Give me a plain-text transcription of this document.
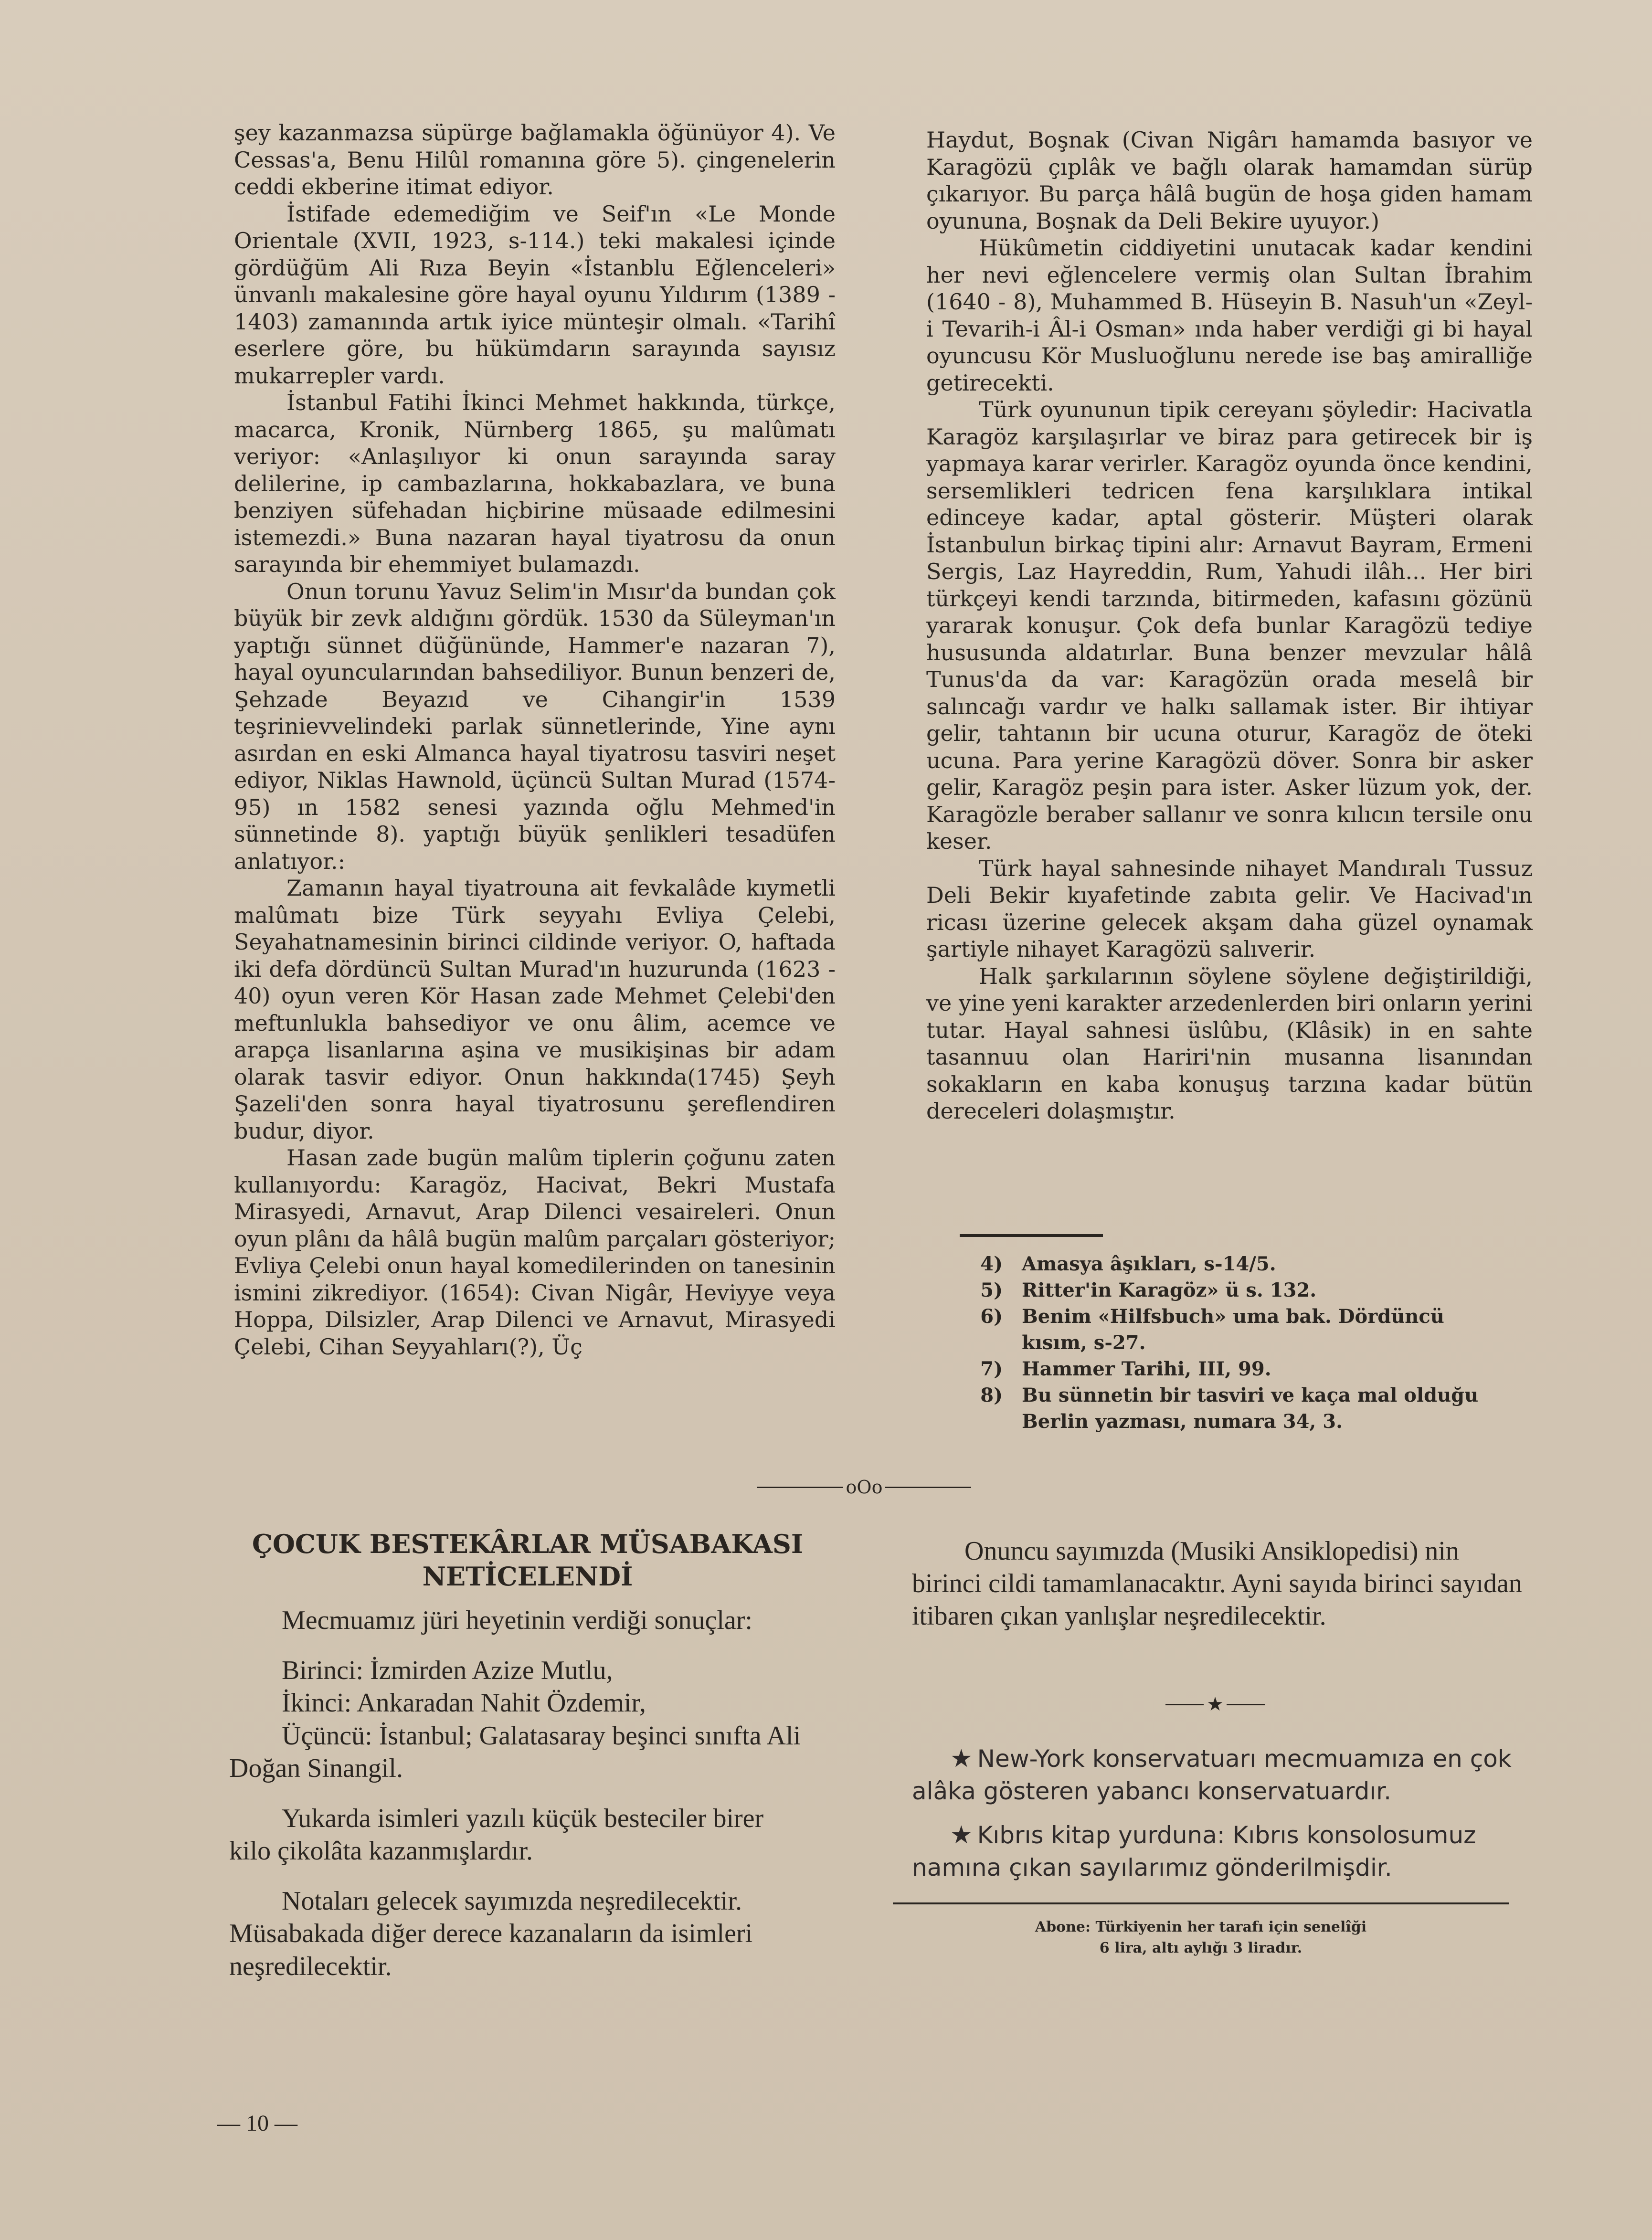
şey kazanmazsa süpürge bağlamakla öğünüyor 4). Ve Cessas'a, Benu Hilûl romanına göre 5). çingenelerin ceddi ekberine itimat ediyor.

İstifade edemediğim ve Seif'ın «Le Monde Orientale (XVII, 1923, s-114.) teki makalesi içinde gördüğüm Ali Rıza Beyin «İstanblu Eğlenceleri» ünvanlı makalesine göre hayal oyunu Yıldırım (1389 - 1403) zamanında artık iyice münteşir olmalı. «Tarihî eserlere göre, bu hükümdarın sarayında sayısız mukarrepler vardı.

İstanbul Fatihi İkinci Mehmet hakkında, türkçe, macarca, Kronik, Nürnberg 1865, şu malûmatı veriyor: «Anlaşılıyor ki onun sarayında saray delilerine, ip cambazlarına, hokkabazlara, ve buna benziyen süfehadan hiçbirine müsaade edilmesini istemezdi.» Buna nazaran hayal tiyatrosu da onun sarayında bir ehemmiyet bulamazdı.

Onun torunu Yavuz Selim'in Mısır'da bundan çok büyük bir zevk aldığını gördük. 1530 da Süleyman'ın yaptığı sünnet düğününde, Hammer'e nazaran 7), hayal oyuncularından bahsediliyor. Bunun benzeri de, Şehzade Beyazıd ve Cihangir'in 1539 teşrinievvelindeki parlak sünnetlerinde, Yine aynı asırdan en eski Almanca hayal tiyatrosu tasviri neşet ediyor, Niklas Hawnold, üçüncü Sultan Murad (1574-95) ın 1582 senesi yazında oğlu Mehmed'in sünnetinde 8). yaptığı büyük şenlikleri tesadüfen anlatıyor.:

Zamanın hayal tiyatrouna ait fevkalâde kıymetli malûmatı bize Türk seyyahı Evliya Çelebi, Seyahatnamesinin birinci cildinde veriyor. O, haftada iki defa dördüncü Sultan Murad'ın huzurunda (1623 - 40) oyun veren Kör Hasan zade Mehmet Çelebi'den meftunlukla bahsediyor ve onu âlim, acemce ve arapça lisanlarına aşina ve musikişinas bir adam olarak tasvir ediyor. Onun hakkında(1745) Şeyh Şazeli'den sonra hayal tiyatrosunu şereflendiren budur, diyor.

Hasan zade bugün malûm tiplerin çoğunu zaten kullanıyordu: Karagöz, Hacivat, Bekri Mustafa Mirasyedi, Arnavut, Arap Dilenci vesaireleri. Onun oyun plânı da hâlâ bugün malûm parçaları gösteriyor; Evliya Çelebi onun hayal komedilerinden on tanesinin ismini zikrediyor. (1654): Civan Nigâr, Heviyye veya Hoppa, Dilsizler, Arap Dilenci ve Arnavut, Mirasyedi Çelebi, Cihan Seyyahları(?), Üç

Haydut, Boşnak (Civan Nigârı hamamda basıyor ve Karagözü çıplâk ve bağlı olarak hamamdan sürüp çıkarıyor. Bu parça hâlâ bugün de hoşa giden hamam oyununa, Boşnak da Deli Bekire uyuyor.)

Hükûmetin ciddiyetini unutacak kadar kendini her nevi eğlencelere vermiş olan Sultan İbrahim (1640 - 8), Muhammed B. Hüseyin B. Nasuh'un «Zeyl-i Tevarih-i Âl-i Osman» ında haber verdiği gi bi hayal oyuncusu Kör Musluoğlunu nerede ise baş amiralliğe getirecekti.

Türk oyununun tipik cereyanı şöyledir: Hacivatla Karagöz karşılaşırlar ve biraz para getirecek bir iş yapmaya karar verirler. Karagöz oyunda önce kendini, sersemlikleri tedricen fena karşılıklara intikal edinceye kadar, aptal gösterir. Müşteri olarak İstanbulun birkaç tipini alır: Arnavut Bayram, Ermeni Sergis, Laz Hayreddin, Rum, Yahudi ilâh... Her biri türkçeyi kendi tarzında, bitirmeden, kafasını gözünü yararak konuşur. Çok defa bunlar Karagözü tediye hususunda aldatırlar. Buna benzer mevzular hâlâ Tunus'da da var: Karagözün orada meselâ bir salıncağı vardır ve halkı sallamak ister. Bir ihtiyar gelir, tahtanın bir ucuna oturur, Karagöz de öteki ucuna. Para yerine Karagözü döver. Sonra bir asker gelir, Karagöz peşin para ister. Asker lüzum yok, der. Karagözle beraber sallanır ve sonra kılıcın tersile onu keser.

Türk hayal sahnesinde nihayet Mandıralı Tussuz Deli Bekir kıyafetinde zabıta gelir. Ve Hacivad'ın ricası üzerine gelecek akşam daha güzel oynamak şartiyle nihayet Karagözü salıverir.

Halk şarkılarının söylene söylene değiştirildiği, ve yine yeni karakter arzedenlerden biri onların yerini tutar. Hayal sahnesi üslûbu, (Klâsik) in en sahte tasannuu olan Hariri'nin musanna lisanından sokakların en kaba konuşuş tarzına kadar bütün dereceleri dolaşmıştır.

4)	Amasya âşıkları, s-14/5.
5)	Ritter'in Karagöz» ü s. 132.
6)	Benim «Hilfsbuch» uma bak. Dördüncü kısım, s-27.
7)	Hammer Tarihi, III, 99.
8)	Bu sünnetin bir tasviri ve kaça mal olduğu Berlin yazması, numara 34, 3.
oOo
ÇOCUK BESTEKÂRLAR MÜSABAKASI
NETİCELENDİ

Mecmuamız jüri heyetinin verdiği sonuçlar:

Birinci: İzmirden Azize Mutlu,

İkinci: Ankaradan Nahit Özdemir,

Üçüncü: İstanbul; Galatasaray beşinci sınıfta Ali Doğan Sinangil.

Yukarda isimleri yazılı küçük besteciler birer kilo çikolâta kazanmışlardır.

Notaları gelecek sayımızda neşredilecektir. Müsabakada diğer derece kazanaların da isimleri neşredilecektir.

Onuncu sayımızda (Musiki Ansiklopedisi) nin birinci cildi tamamlanacaktır. Ayni sayıda birinci sayıdan itibaren çıkan yanlışlar neşredilecektir.

★

★ New-York konservatuarı mecmuamıza en çok alâka gösteren yabancı konservatuardır.

★ Kıbrıs kitap yurduna: Kıbrıs konsolosumuz namına çıkan sayılarımız gönderilmişdir.

Abone: Türkiyenin her tarafı için senelîği
6 lira, altı aylığı 3 liradır.
— 10 —
